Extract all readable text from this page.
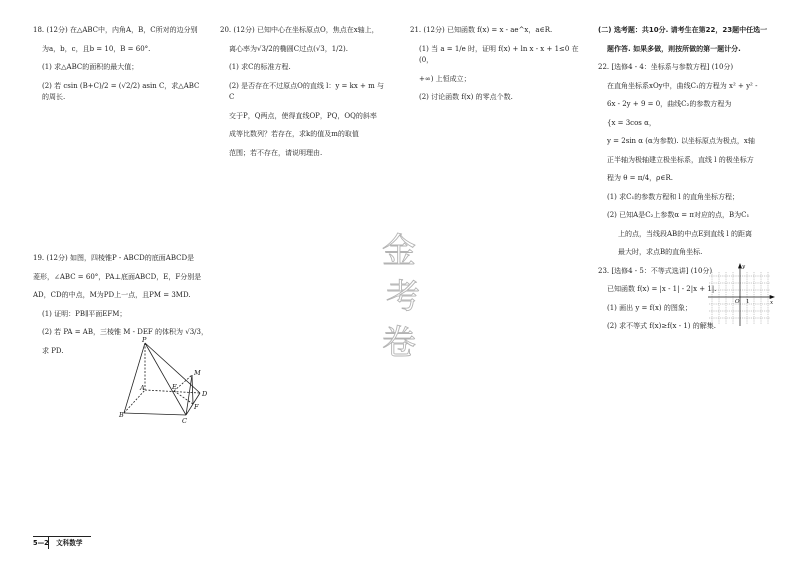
18. (12分) 在△ABC中，内角A，B，C所对的边分别

为a，b，c，且b = 10，B = 60°.

(1) 求△ABC的面积的最大值；

(2) 若 csin (B+C)/2 = (√2/2) asin C，求△ABC的周长.

19. (12分) 如图，四棱锥P - ABCD的底面ABCD是

菱形，∠ABC = 60°，PA⊥底面ABCD，E，F分别是

AD，CD的中点，M为PD上一点，且PM = 3MD.

(1) 证明：PB∥平面EFM；

(2) 若 PA = AB，三棱锥 M - DEF 的体积为 √3/3，

求 PD.

P
A
B
C
D
E
F
M

20. (12分) 已知中心在坐标原点O，焦点在x轴上，

离心率为√3/2的椭圆C过点(√3，1/2).

(1) 求C的标准方程.

(2) 是否存在不过原点O的直线 l：y = kx + m 与C

交于P，Q两点，使得直线OP，PQ，OQ的斜率

成等比数列？若存在，求k的值及m的取值

范围；若不存在，请说明理由.

金
考
卷

21. (12分) 已知函数 f(x) = x - ae^x，a∈R.

(1) 当 a = 1/e 时，证明 f(x) + ln x - x + 1≤0 在 (0，

+∞) 上恒成立；

(2) 讨论函数 f(x) 的零点个数.

(二) 选考题：共10分. 请考生在第22，23题中任选一

题作答. 如果多做，则按所做的第一题计分.

22. [选修4 - 4：坐标系与参数方程] (10分)

在直角坐标系xOy中，曲线C₁的方程为 x² + y² -

6x - 2y + 9 = 0，曲线C₂的参数方程为

{x = 3cos α，

y = 2sin α (α为参数). 以坐标原点为极点，x轴

正半轴为极轴建立极坐标系，直线 l 的极坐标方

程为 θ = π/4，ρ∈R.

(1) 求C₁的参数方程和 l 的直角坐标方程；

(2) 已知A是C₂上参数α = π对应的点，B为C₁

上的点，当线段AB的中点E到直线 l 的距离

最大时，求点B的直角坐标.

23. [选修4 - 5：不等式选讲] (10分)

已知函数 f(x) = |x - 1| - 2|x + 1|.

(1) 画出 y = f(x) 的图象；

(2) 求不等式 f(x)≥f(x - 1) 的解集.

y
x
O 1
5—2 文科数学
